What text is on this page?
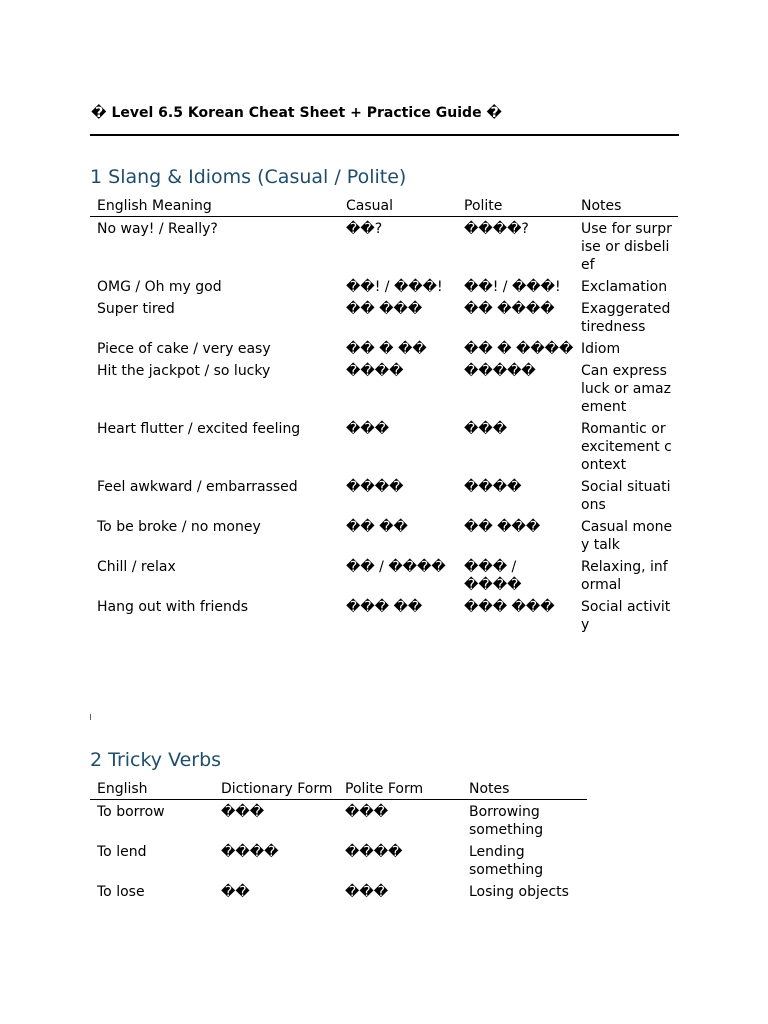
� Level 6.5 Korean Cheat Sheet + Practice Guide �
1 Slang & Idioms (Casual / Polite)
English Meaning	Casual	Polite	Notes
No way! / Really?	��?	����?	Use for surprise or disbelief
OMG / Oh my god	��! / ���!	��! / ���!	Exclamation
Super tired	�� ���	�� ����	Exaggerated tiredness
Piece of cake / very easy	�� � ��	�� � ����	Idiom
Hit the jackpot / so lucky	����	�����	Can express luck or amazement
Heart flutter / excited feeling	���	���	Romantic or excitement context
Feel awkward / embarrassed	����	����	Social situations
To be broke / no money	�� ��	�� ���	Casual money talk
Chill / relax	�� / ����	��� / ����	Relaxing, informal
Hang out with friends	��� ��	��� ���	Social activity
2 Tricky Verbs
English	Dictionary Form	Polite Form	Notes
To borrow	���	���	Borrowing something
To lend	����	����	Lending something
To lose	��	���	Losing objects
